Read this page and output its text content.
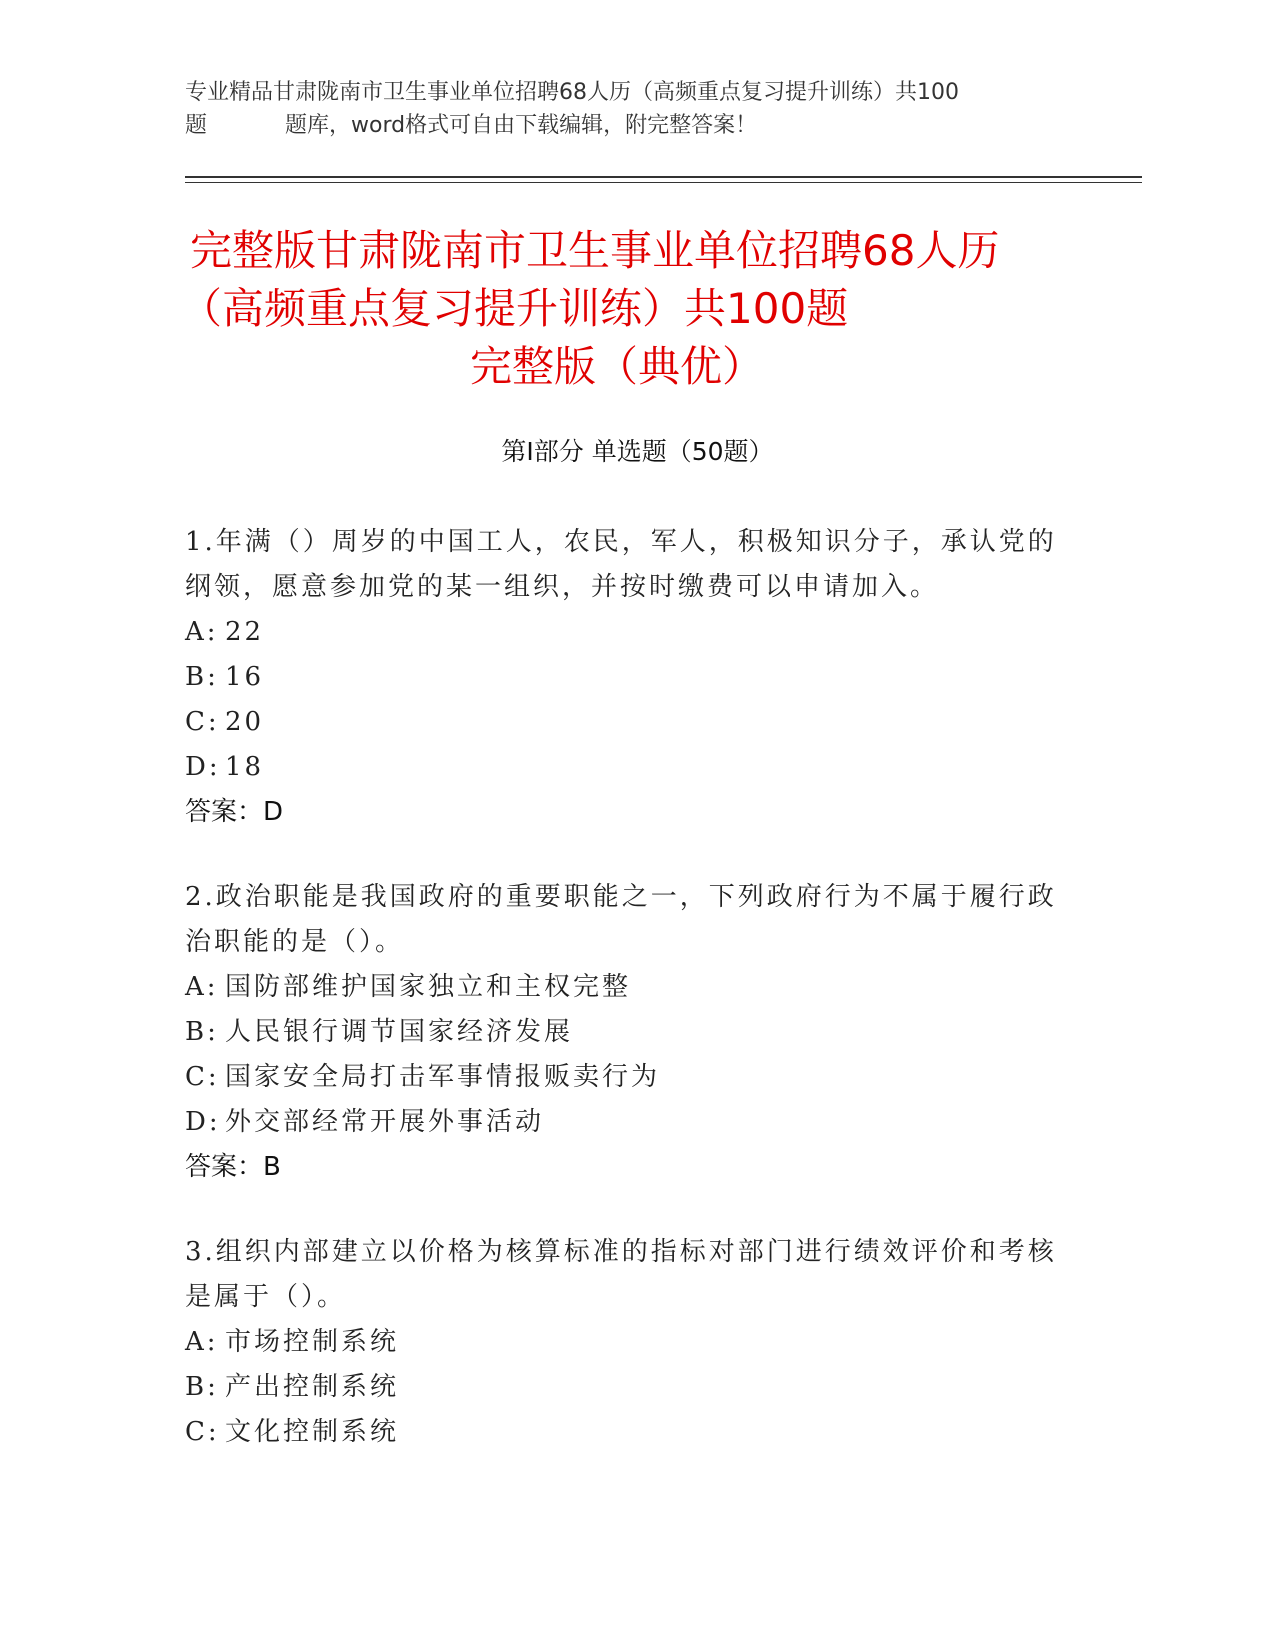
专业精品甘肃陇南市卫生事业单位招聘68人历（高频重点复习提升训练）共100
题	题库，word格式可自由下载编辑，附完整答案！
完整版甘肃陇南市卫生事业单位招聘68人历
（高频重点复习提升训练）共100题
完整版（典优）
第Ⅰ部分 单选题（50题）
1.年满（）周岁的中国工人，农民，军人，积极知识分子，承认党的纲领，愿意参加党的某一组织，并按时缴费可以申请加入。
A: 22
B: 16
C: 20
D: 18
答案：D
2.政治职能是我国政府的重要职能之一，下列政府行为不属于履行政治职能的是（）。
A: 国防部维护国家独立和主权完整
B: 人民银行调节国家经济发展
C: 国家安全局打击军事情报贩卖行为
D: 外交部经常开展外事活动
答案：B
3.组织内部建立以价格为核算标准的指标对部门进行绩效评价和考核是属于（）。
A: 市场控制系统
B: 产出控制系统
C: 文化控制系统
